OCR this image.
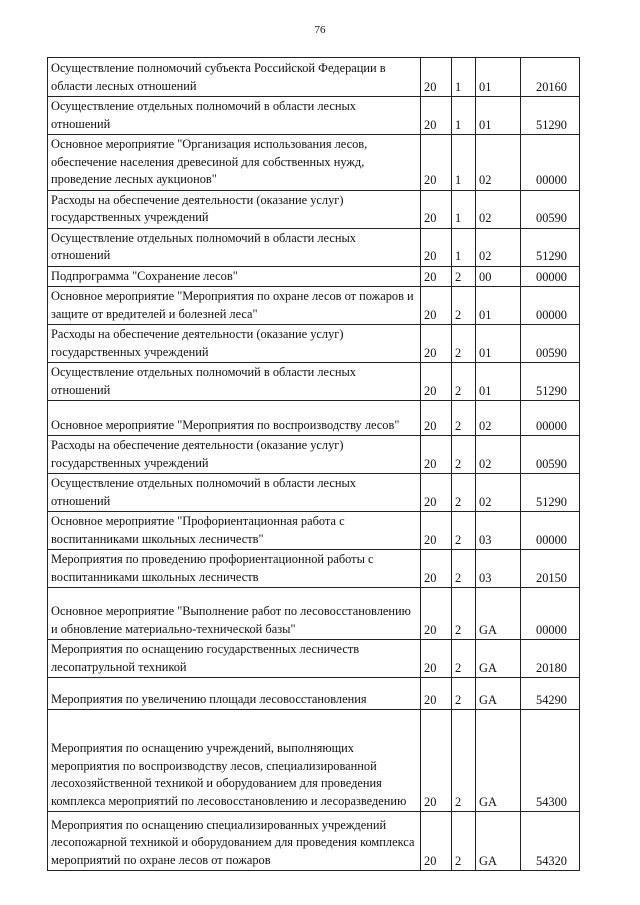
76
Осуществление полномочий субъекта Российской Федерации в области лесных отношений	20	1	01	20160
Осуществление отдельных полномочий в области лесных отношений	20	1	01	51290
Основное мероприятие "Организация использования лесов, обеспечение населения древесиной для собственных нужд, проведение лесных аукционов"	20	1	02	00000
Расходы на обеспечение деятельности (оказание услуг) государственных учреждений	20	1	02	00590
Осуществление отдельных полномочий в области лесных отношений	20	1	02	51290
Подпрограмма "Сохранение лесов"	20	2	00	00000
Основное мероприятие "Мероприятия по охране лесов от пожаров и защите от вредителей и болезней леса"	20	2	01	00000
Расходы на обеспечение деятельности (оказание услуг) государственных учреждений	20	2	01	00590
Осуществление отдельных полномочий в области лесных отношений	20	2	01	51290
Основное мероприятие "Мероприятия по воспроизводству лесов"	20	2	02	00000
Расходы на обеспечение деятельности (оказание услуг) государственных учреждений	20	2	02	00590
Осуществление отдельных полномочий в области лесных отношений	20	2	02	51290
Основное мероприятие "Профориентационная работа с воспитанниками школьных лесничеств"	20	2	03	00000
Мероприятия по проведению профориентационной работы с воспитанниками школьных лесничеств	20	2	03	20150
Основное мероприятие "Выполнение работ по лесовосстановлению и обновление материально-технической базы"	20	2	GA	00000
Мероприятия по оснащению государственных лесничеств лесопатрульной техникой	20	2	GA	20180
Мероприятия по увеличению площади лесовосстановления	20	2	GA	54290
Мероприятия по оснащению учреждений, выполняющих мероприятия по воспроизводству лесов, специализированной лесохозяйственной техникой и оборудованием для проведения комплекса мероприятий по лесовосстановлению и лесоразведению	20	2	GA	54300
Мероприятия по оснащению специализированных учреждений лесопожарной техникой и оборудованием для проведения комплекса мероприятий по охране лесов от пожаров	20	2	GA	54320
